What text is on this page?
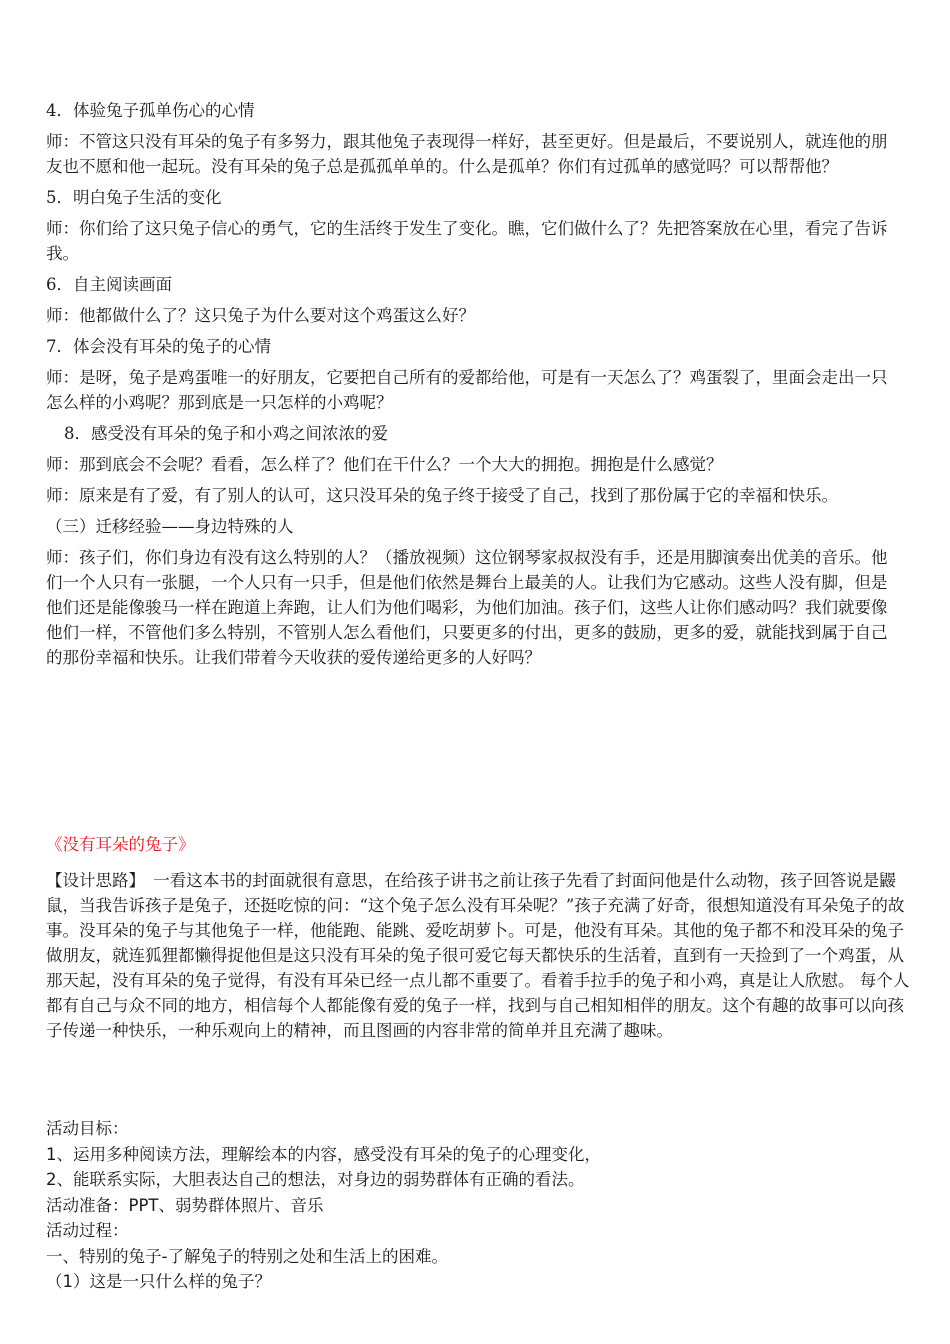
4．体验兔子孤单伤心的心情

师：不管这只没有耳朵的兔子有多努力，跟其他兔子表现得一样好，甚至更好。但是最后，不要说别人，就连他的朋友也不愿和他一起玩。没有耳朵的兔子总是孤孤单单的。什么是孤单？你们有过孤单的感觉吗？可以帮帮他？

5．明白兔子生活的变化

师：你们给了这只兔子信心的勇气，它的生活终于发生了变化。瞧，它们做什么了？先把答案放在心里，看完了告诉我。

6．自主阅读画面

师：他都做什么了？这只兔子为什么要对这个鸡蛋这么好？

7．体会没有耳朵的兔子的心情

师：是呀，兔子是鸡蛋唯一的好朋友，它要把自己所有的爱都给他，可是有一天怎么了？鸡蛋裂了，里面会走出一只怎么样的小鸡呢？那到底是一只怎样的小鸡呢？

8．感受没有耳朵的兔子和小鸡之间浓浓的爱

师：那到底会不会呢？看看，怎么样了？他们在干什么？一个大大的拥抱。拥抱是什么感觉？

师：原来是有了爱，有了别人的认可，这只没耳朵的兔子终于接受了自己，找到了那份属于它的幸福和快乐。

（三）迁移经验——身边特殊的人

师：孩子们，你们身边有没有这么特别的人？（播放视频）这位钢琴家叔叔没有手，还是用脚演奏出优美的音乐。他们一个人只有一张腿，一个人只有一只手，但是他们依然是舞台上最美的人。让我们为它感动。这些人没有脚，但是他们还是能像骏马一样在跑道上奔跑，让人们为他们喝彩，为他们加油。孩子们，这些人让你们感动吗？我们就要像他们一样，不管他们多么特别，不管别人怎么看他们，只要更多的付出，更多的鼓励，更多的爱，就能找到属于自己的那份幸福和快乐。让我们带着今天收获的爱传递给更多的人好吗？

《没有耳朵的兔子》
【设计思路】　一看这本书的封面就很有意思，在给孩子讲书之前让孩子先看了封面问他是什么动物，孩子回答说是鼹鼠，当我告诉孩子是兔子，还挺吃惊的问：“这个兔子怎么没有耳朵呢？”孩子充满了好奇，很想知道没有耳朵兔子的故事。没耳朵的兔子与其他兔子一样，他能跑、能跳、爱吃胡萝卜。可是，他没有耳朵。其他的兔子都不和没耳朵的兔子做朋友，就连狐狸都懒得捉他但是这只没有耳朵的兔子很可爱它每天都快乐的生活着，直到有一天捡到了一个鸡蛋，从那天起，没有耳朵的兔子觉得，有没有耳朵已经一点儿都不重要了。看着手拉手的兔子和小鸡，真是让人欣慰。 每个人都有自己与众不同的地方，相信每个人都能像有爱的兔子一样，找到与自己相知相伴的朋友。这个有趣的故事可以向孩子传递一种快乐，一种乐观向上的精神，而且图画的内容非常的简单并且充满了趣味。

活动目标：

1、运用多种阅读方法，理解绘本的内容，感受没有耳朵的兔子的心理变化，

2、能联系实际，大胆表达自己的想法，对身边的弱势群体有正确的看法。

活动准备：PPT、弱势群体照片、音乐

活动过程：

一、特别的兔子-了解兔子的特别之处和生活上的困难。

（1）这是一只什么样的兔子？
